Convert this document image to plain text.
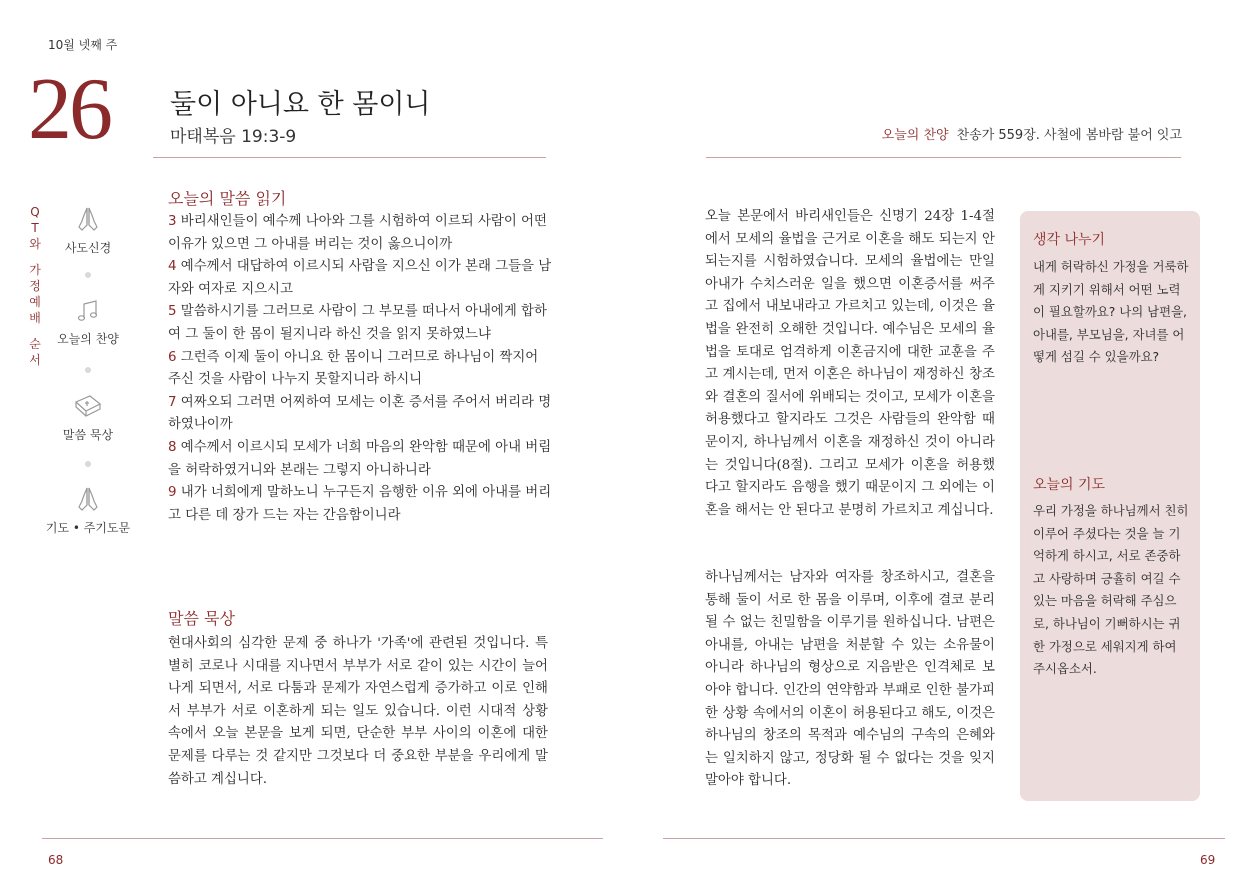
10월 넷째 주
26 둘이 아니요 한 몸이니
마태복음 19:3-9	오늘의 찬양 찬송가 559장. 사철에 봄바람 불어 잇고
Q
T
와
가
정
예
배
순
서
사도신경
오늘의 찬양
말씀 묵상
기도 • 주기도문
오늘의 말씀 읽기
3 바리새인들이 예수께 나아와 그를 시험하여 이르되 사람이 어떤 이유가 있으면 그 아내를 버리는 것이 옳으니이까
4 예수께서 대답하여 이르시되 사람을 지으신 이가 본래 그들을 남자와 여자로 지으시고
5 말씀하시기를 그러므로 사람이 그 부모를 떠나서 아내에게 합하여 그 둘이 한 몸이 될지니라 하신 것을 읽지 못하였느냐
6 그런즉 이제 둘이 아니요 한 몸이니 그러므로 하나님이 짝지어 주신 것을 사람이 나누지 못할지니라 하시니
7 여짜오되 그러면 어찌하여 모세는 이혼 증서를 주어서 버리라 명하였나이까
8 예수께서 이르시되 모세가 너희 마음의 완악함 때문에 아내 버림을 허락하였거니와 본래는 그렇지 아니하니라
9 내가 너희에게 말하노니 누구든지 음행한 이유 외에 아내를 버리고 다른 데 장가 드는 자는 간음함이니라
말씀 묵상
현대사회의 심각한 문제 중 하나가 '가족'에 관련된 것입니다. 특별히 코로나 시대를 지나면서 부부가 서로 같이 있는 시간이 늘어나게 되면서, 서로 다툼과 문제가 자연스럽게 증가하고 이로 인해서 부부가 서로 이혼하게 되는 일도 있습니다. 이런 시대적 상황 속에서 오늘 본문을 보게 되면, 단순한 부부 사이의 이혼에 대한 문제를 다루는 것 같지만 그것보다 더 중요한 부분을 우리에게 말씀하고 계십니다.
오늘 본문에서 바리새인들은 신명기 24장 1-4절에서 모세의 율법을 근거로 이혼을 해도 되는지 안 되는지를 시험하였습니다. 모세의 율법에는 만일 아내가 수치스러운 일을 했으면 이혼증서를 써주고 집에서 내보내라고 가르치고 있는데, 이것은 율법을 완전히 오해한 것입니다. 예수님은 모세의 율법을 토대로 엄격하게 이혼금지에 대한 교훈을 주고 계시는데, 먼저 이혼은 하나님이 재정하신 창조와 결혼의 질서에 위배되는 것이고, 모세가 이혼을 허용했다고 할지라도 그것은 사람들의 완악함 때문이지, 하나님께서 이혼을 재정하신 것이 아니라는 것입니다(8절). 그리고 모세가 이혼을 허용했다고 할지라도 음행을 했기 때문이지 그 외에는 이혼을 해서는 안 된다고 분명히 가르치고 계십니다.
하나님께서는 남자와 여자를 창조하시고, 결혼을 통해 둘이 서로 한 몸을 이루며, 이후에 결코 분리될 수 없는 친밀함을 이루기를 원하십니다. 남편은 아내를, 아내는 남편을 처분할 수 있는 소유물이 아니라 하나님의 형상으로 지음받은 인격체로 보아야 합니다. 인간의 연약함과 부패로 인한 불가피한 상황 속에서의 이혼이 허용된다고 해도, 이것은 하나님의 창조의 목적과 예수님의 구속의 은혜와는 일치하지 않고, 정당화 될 수 없다는 것을 잊지 말아야 합니다.
생각 나누기
내게 허락하신 가정을 거룩하게 지키기 위해서 어떤 노력이 필요할까요? 나의 남편을, 아내를, 부모님을, 자녀를 어떻게 섬길 수 있을까요?
오늘의 기도
우리 가정을 하나님께서 친히 이루어 주셨다는 것을 늘 기억하게 하시고, 서로 존중하고 사랑하며 긍휼히 여길 수 있는 마음을 허락해 주심으로, 하나님이 기뻐하시는 귀한 가정으로 세워지게 하여 주시옵소서.
68	69
